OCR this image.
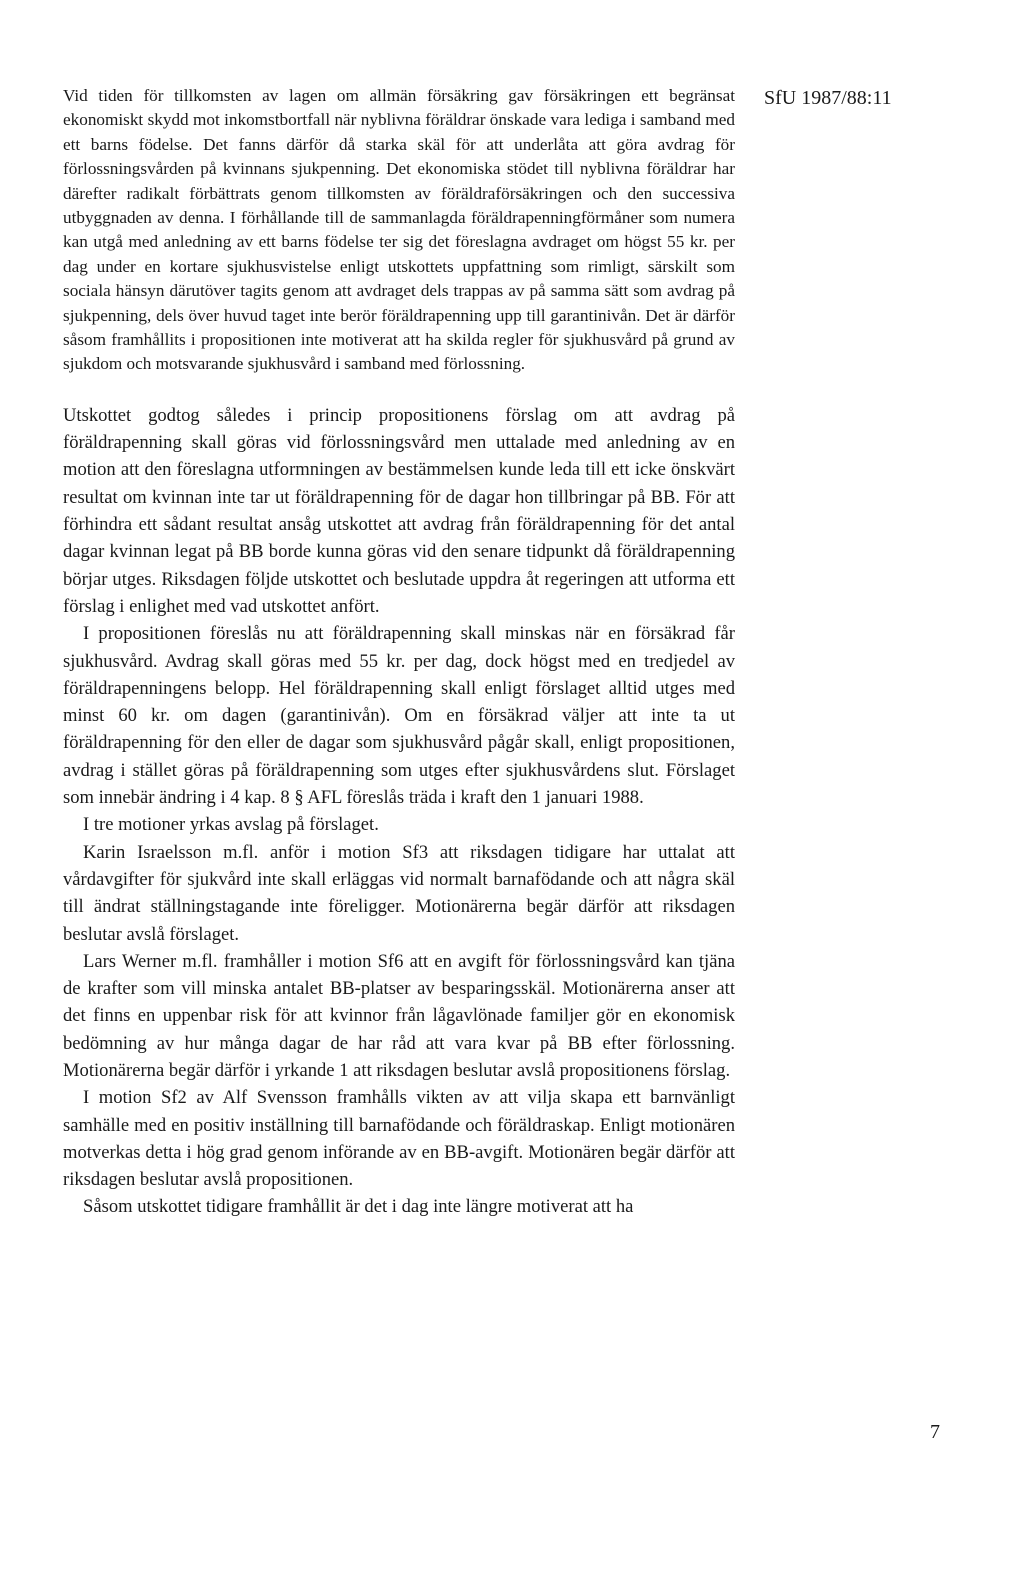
SfU 1987/88:11

Vid tiden för tillkomsten av lagen om allmän försäkring gav försäkringen ett begränsat ekonomiskt skydd mot inkomstbortfall när nyblivna föräldrar önskade vara lediga i samband med ett barns födelse. Det fanns därför då starka skäl för att underlåta att göra avdrag för förlossningsvården på kvinnans sjukpenning. Det ekonomiska stödet till nyblivna föräldrar har därefter radikalt förbättrats genom tillkomsten av föräldraförsäkringen och den successiva utbyggnaden av denna. I förhållande till de sammanlagda föräldrapenningförmåner som numera kan utgå med anledning av ett barns födelse ter sig det föreslagna avdraget om högst 55 kr. per dag under en kortare sjukhusvistelse enligt utskottets uppfattning som rimligt, särskilt som sociala hänsyn därutöver tagits genom att avdraget dels trappas av på samma sätt som avdrag på sjukpenning, dels över huvud taget inte berör föräldrapenning upp till garantinivån. Det är därför såsom framhållits i propositionen inte motiverat att ha skilda regler för sjukhusvård på grund av sjukdom och motsvarande sjukhusvård i samband med förlossning.

Utskottet godtog således i princip propositionens förslag om att avdrag på föräldrapenning skall göras vid förlossningsvård men uttalade med anledning av en motion att den föreslagna utformningen av bestämmelsen kunde leda till ett icke önskvärt resultat om kvinnan inte tar ut föräldrapenning för de dagar hon tillbringar på BB. För att förhindra ett sådant resultat ansåg utskottet att avdrag från föräldrapenning för det antal dagar kvinnan legat på BB borde kunna göras vid den senare tidpunkt då föräldrapenning börjar utges. Riksdagen följde utskottet och beslutade uppdra åt regeringen att utforma ett förslag i enlighet med vad utskottet anfört.

I propositionen föreslås nu att föräldrapenning skall minskas när en försäkrad får sjukhusvård. Avdrag skall göras med 55 kr. per dag, dock högst med en tredjedel av föräldrapenningens belopp. Hel föräldrapenning skall enligt förslaget alltid utges med minst 60 kr. om dagen (garantinivån). Om en försäkrad väljer att inte ta ut föräldrapenning för den eller de dagar som sjukhusvård pågår skall, enligt propositionen, avdrag i stället göras på föräldrapenning som utges efter sjukhusvårdens slut. Förslaget som innebär ändring i 4 kap. 8 § AFL föreslås träda i kraft den 1 januari 1988.

I tre motioner yrkas avslag på förslaget.

Karin Israelsson m.fl. anför i motion Sf3 att riksdagen tidigare har uttalat att vårdavgifter för sjukvård inte skall erläggas vid normalt barnafödande och att några skäl till ändrat ställningstagande inte föreligger. Motionärerna begär därför att riksdagen beslutar avslå förslaget.

Lars Werner m.fl. framhåller i motion Sf6 att en avgift för förlossningsvård kan tjäna de krafter som vill minska antalet BB-platser av besparingsskäl. Motionärerna anser att det finns en uppenbar risk för att kvinnor från lågavlönade familjer gör en ekonomisk bedömning av hur många dagar de har råd att vara kvar på BB efter förlossning. Motionärerna begär därför i yrkande 1 att riksdagen beslutar avslå propositionens förslag.

I motion Sf2 av Alf Svensson framhålls vikten av att vilja skapa ett barnvänligt samhälle med en positiv inställning till barnafödande och föräldraskap. Enligt motionären motverkas detta i hög grad genom införande av en BB-avgift. Motionären begär därför att riksdagen beslutar avslå propositionen.

Såsom utskottet tidigare framhållit är det i dag inte längre motiverat att ha

7
